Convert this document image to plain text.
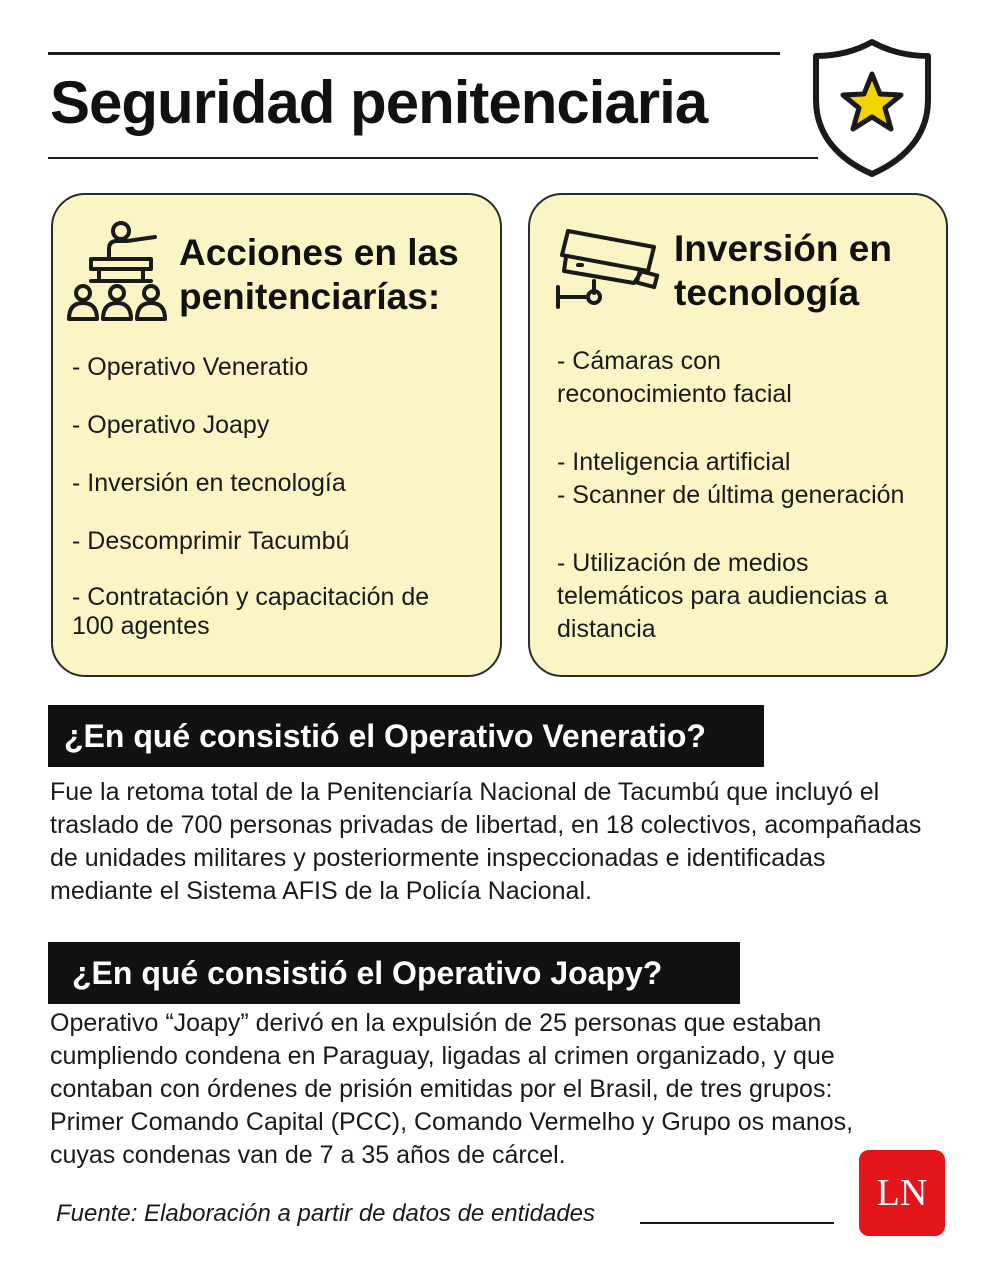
Seguridad penitenciaria
Acciones en las
penitenciarías:
- Operativo Veneratio
- Operativo Joapy
- Inversión en tecnología
- Descomprimir Tacumbú
- Contratación y capacitación de
100 agentes
Inversión en
tecnología
- Cámaras con
reconocimiento facial
- Inteligencia artificial
- Scanner de última generación
- Utilización de medios
telemáticos para audiencias a
distancia
¿En qué consistió el Operativo Veneratio?

Fue la retoma total de la Penitenciaría Nacional de Tacumbú que incluyó el
traslado de 700 personas privadas de libertad, en 18 colectivos, acompañadas
de unidades militares y posteriormente inspeccionadas e identificadas
mediante el Sistema AFIS de la Policía Nacional.

¿En qué consistió el Operativo Joapy?

Operativo “Joapy” derivó en la expulsión de 25 personas que estaban
cumpliendo condena en Paraguay, ligadas al crimen organizado, y que
contaban con órdenes de prisión emitidas por el Brasil, de tres grupos:
Primer Comando Capital (PCC), Comando Vermelho y Grupo os manos,
cuyas condenas van de 7 a 35 años de cárcel.

Fuente: Elaboración a partir de datos de entidades	LN
